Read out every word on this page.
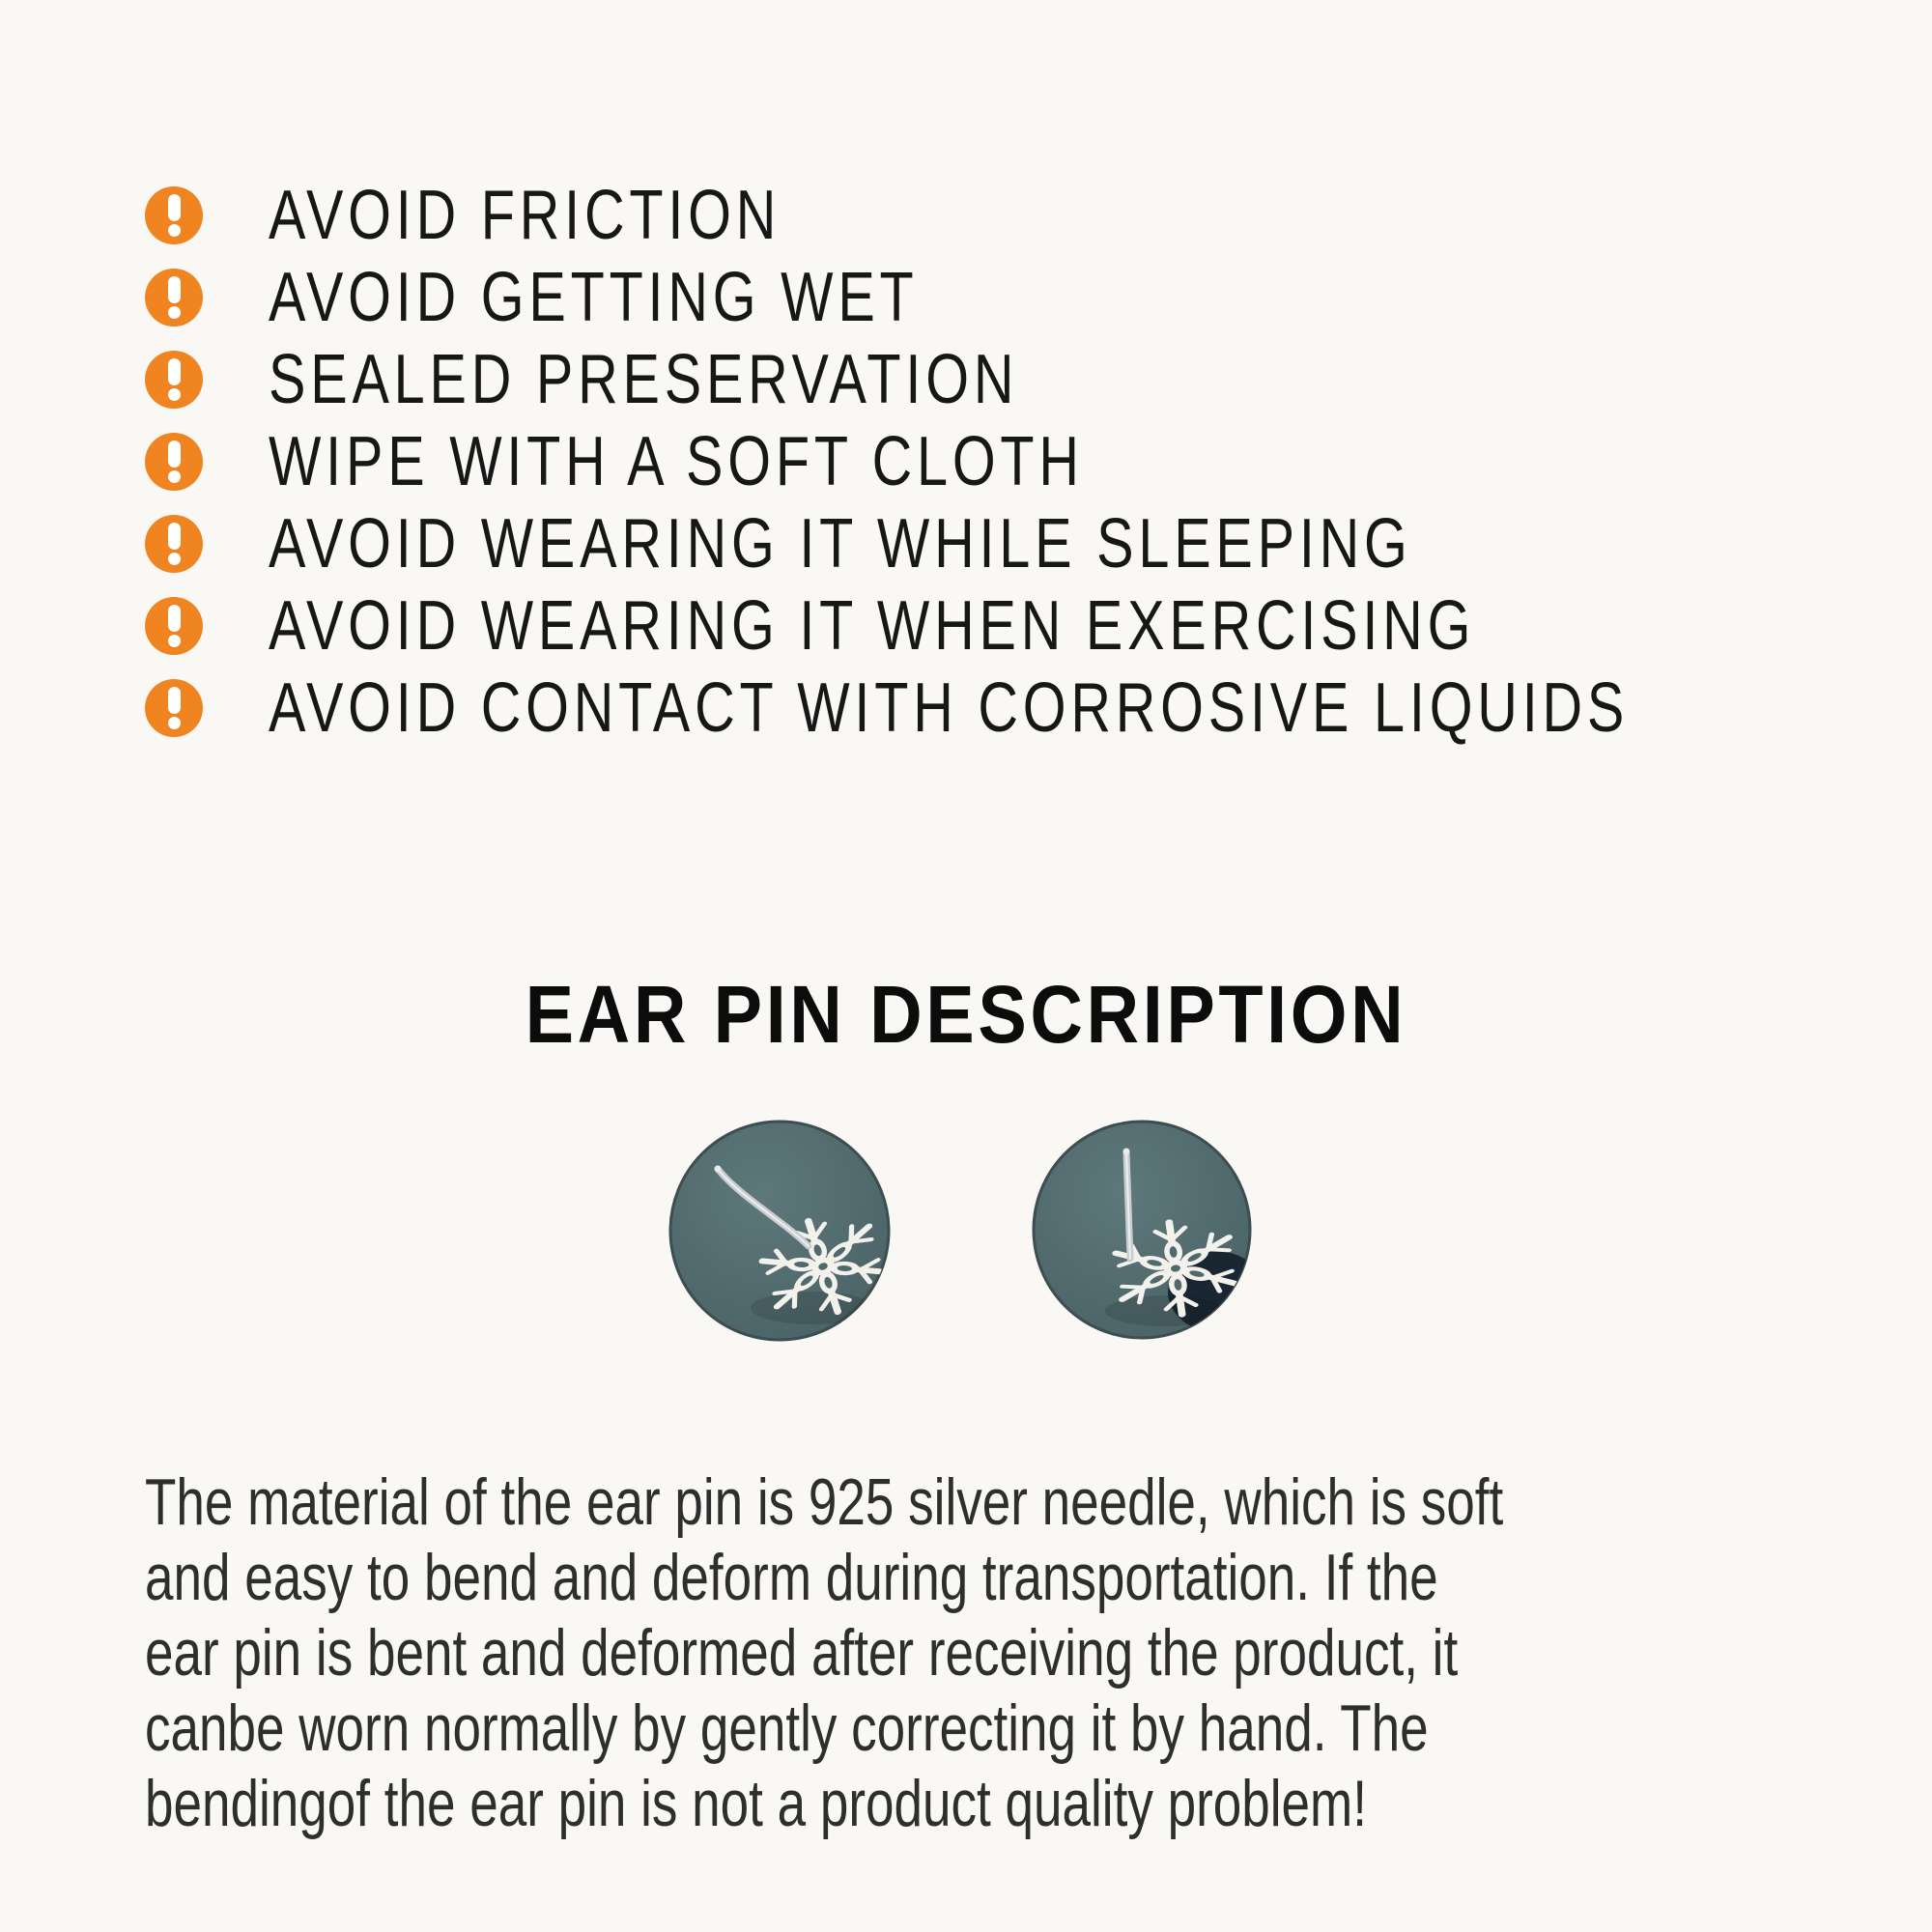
AVOID FRICTION
AVOID GETTING WET
SEALED PRESERVATION
WIPE WITH A SOFT CLOTH
AVOID WEARING IT WHILE SLEEPING
AVOID WEARING IT WHEN EXERCISING
AVOID CONTACT WITH CORROSIVE LIQUIDS
EAR PIN DESCRIPTION
The material of the ear pin is 925 silver needle, which is soft
and easy to bend and deform during transportation. If the
ear pin is bent and deformed after receiving the product, it
canbe worn normally by gently correcting it by hand. The
bendingof the ear pin is not a product quality problem!
